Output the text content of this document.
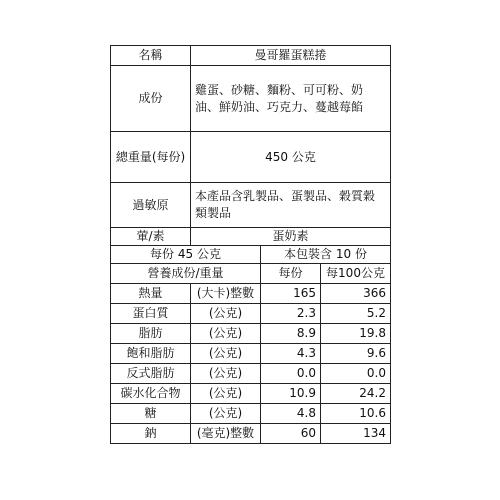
名稱	曼哥羅蛋糕捲
成份	雞蛋、砂糖、麵粉、可可粉、奶油、鮮奶油、巧克力、蔓越莓餡
總重量(每份)	450 公克
過敏原	本產品含乳製品、蛋製品、穀質穀類製品
葷/素	蛋奶素
每份 45 公克		本包裝含 10 份	
營養成份/重量		每份	每100公克
熱量	(大卡)整數	165	366
蛋白質	(公克)	2.3	5.2
脂肪	(公克)	8.9	19.8
飽和脂肪	(公克)	4.3	9.6
反式脂肪	(公克)	0.0	0.0
碳水化合物	(公克)	10.9	24.2
糖	(公克)	4.8	10.6
鈉	(毫克)整數	60	134
